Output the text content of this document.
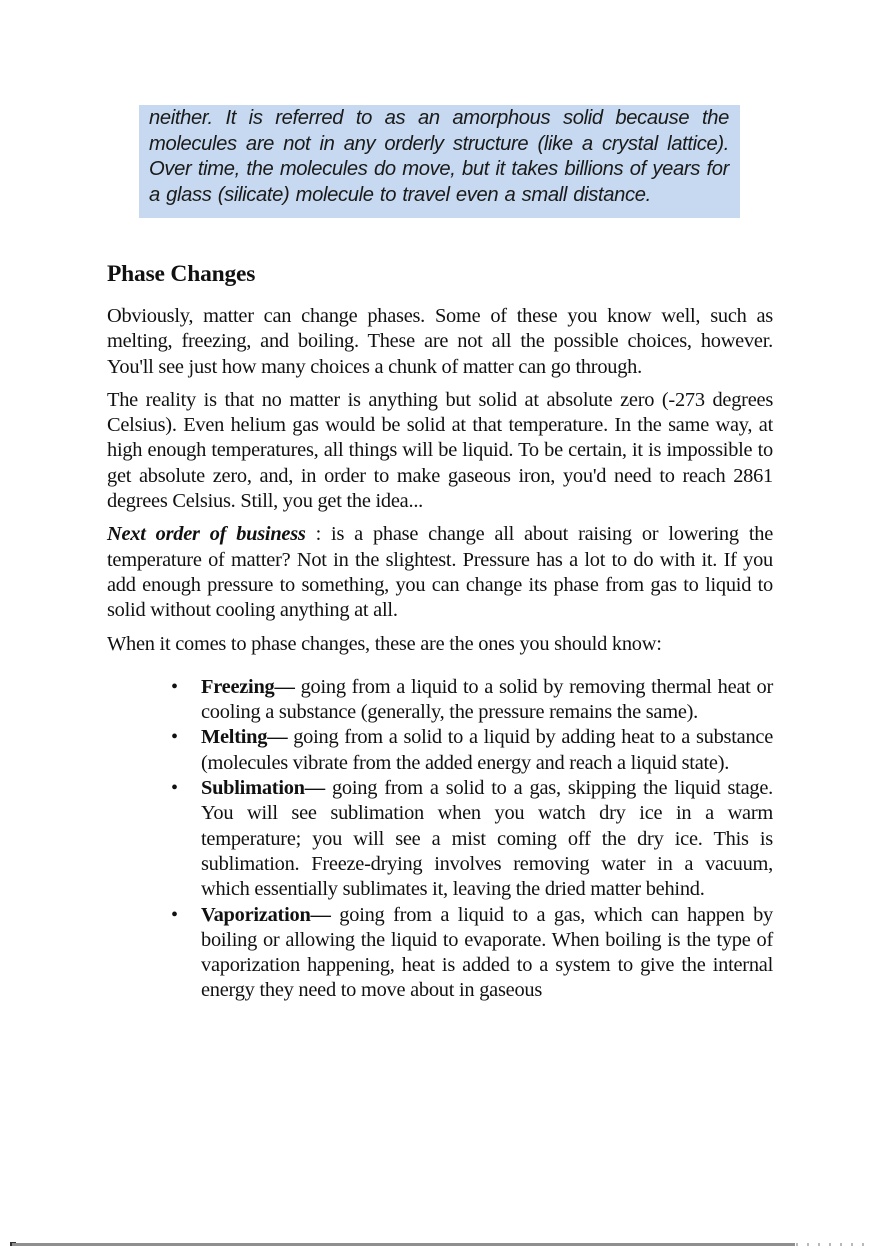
neither. It is referred to as an amorphous solid because the molecules are not in any orderly structure (like a crystal lattice). Over time, the molecules do move, but it takes billions of years for a glass (silicate) molecule to travel even a small distance.

Phase Changes

Obviously, matter can change phases. Some of these you know well, such as melting, freezing, and boiling. These are not all the possible choices, however. You'll see just how many choices a chunk of matter can go through.

The reality is that no matter is anything but solid at absolute zero (-273 degrees Celsius). Even helium gas would be solid at that temperature. In the same way, at high enough temperatures, all things will be liquid. To be certain, it is impossible to get absolute zero, and, in order to make gaseous iron, you'd need to reach 2861 degrees Celsius. Still, you get the idea...

Next order of business : is a phase change all about raising or lowering the temperature of matter? Not in the slightest. Pressure has a lot to do with it. If you add enough pressure to something, you can change its phase from gas to liquid to solid without cooling anything at all.

When it comes to phase changes, these are the ones you should know:

• Freezing— going from a liquid to a solid by removing thermal heat or cooling a substance (generally, the pressure remains the same).
• Melting— going from a solid to a liquid by adding heat to a substance (molecules vibrate from the added energy and reach a liquid state).
• Sublimation— going from a solid to a gas, skipping the liquid stage. You will see sublimation when you watch dry ice in a warm temperature; you will see a mist coming off the dry ice. This is sublimation. Freeze-drying involves removing water in a vacuum, which essentially sublimates it, leaving the dried matter behind.
• Vaporization— going from a liquid to a gas, which can happen by boiling or allowing the liquid to evaporate. When boiling is the type of vaporization happening, heat is added to a system to give the internal energy they need to move about in gaseous
